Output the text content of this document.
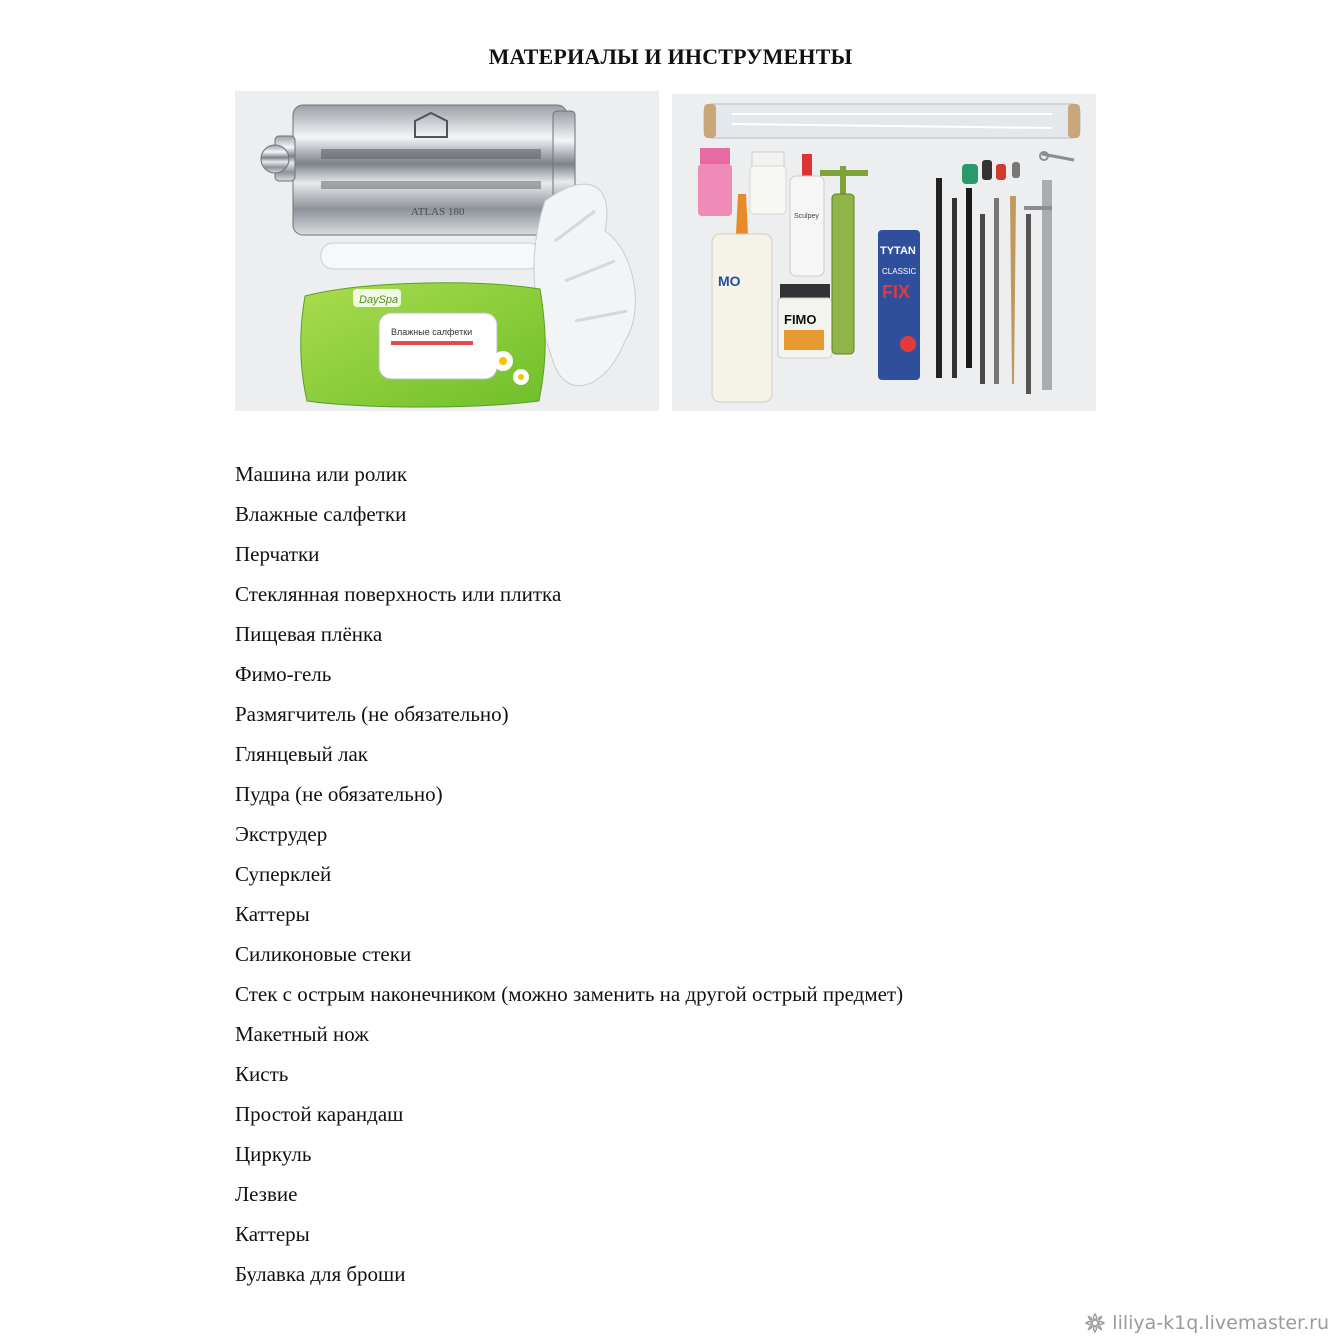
МАТЕРИАЛЫ И ИНСТРУМЕНТЫ
ATLAS 180
DaySpa
Влажные салфетки
MO
Sculpey
FIMO
TYTAN
CLASSIC
FIX
Машина или ролик
Влажные салфетки
Перчатки
Стеклянная поверхность или плитка
Пищевая плёнка
Фимо-гель
Размягчитель (не обязательно)
Глянцевый лак
Пудра (не обязательно)
Экструдер
Суперклей
Каттеры
Силиконовые стеки
Стек с острым наконечником (можно заменить на другой острый предмет)
Макетный нож
Кисть
Простой карандаш
Циркуль
Лезвие
Каттеры
Булавка для броши
liliya-k1q.livemaster.ru
